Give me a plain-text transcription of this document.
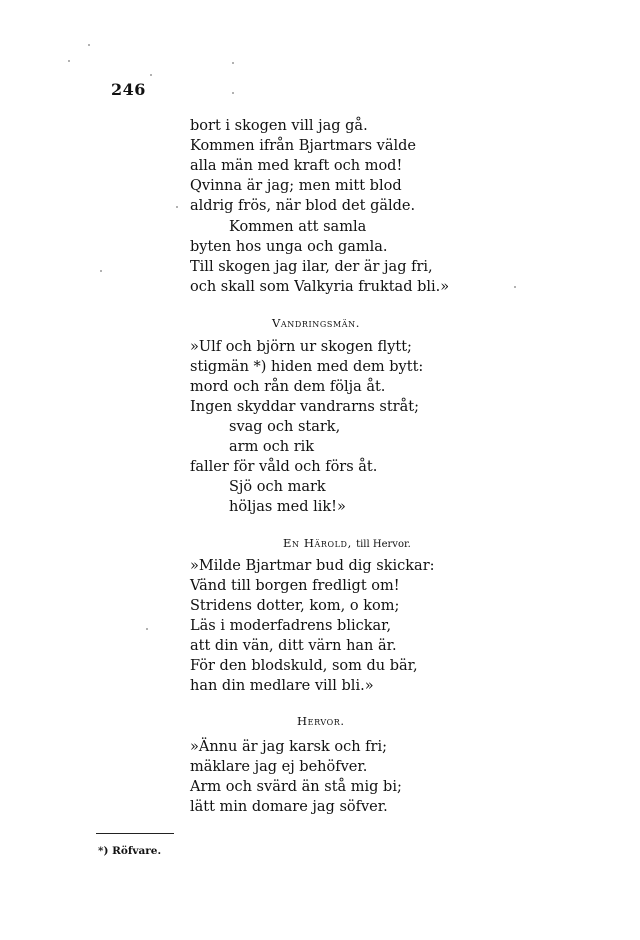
246
bort i skogen vill jag gå.
Kommen ifrån Bjartmars välde
alla män med kraft och mod!
Qvinna är jag; men mitt blod
aldrig frös, när blod det gälde.
Kommen att samla
byten hos unga och gamla.
Till skogen jag ilar, der är jag fri,
och skall som Valkyria fruktad bli.»
Vandringsmän.
»Ulf och björn ur skogen flytt;
stigmän *) hiden med dem bytt:
mord och rån dem följa åt.
Ingen skyddar vandrarns stråt;
svag och stark,
arm och rik
faller för våld och förs åt.
Sjö och mark
höljas med lik!»
En Härold, till Hervor.
»Milde Bjartmar bud dig skickar:
Vänd till borgen fredligt om!
Stridens dotter, kom, o kom;
Läs i moderfadrens blickar,
att din vän, ditt värn han är.
För den blodskuld, som du bär,
han din medlare vill bli.»
Hervor.
»Ännu är jag karsk och fri;
mäklare jag ej behöfver.
Arm och svärd än stå mig bi;
lätt min domare jag söfver.
*) Röfvare.
